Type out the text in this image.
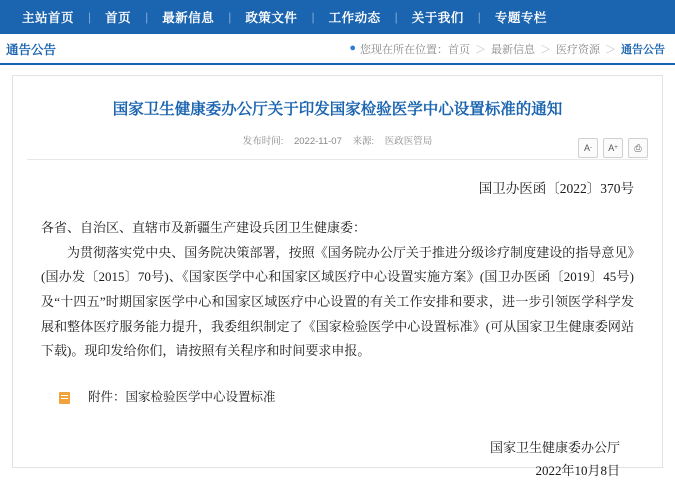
主站首页	|	首页	|	最新信息	|	政策文件	|	工作动态	|	关于我们	|	专题专栏
通告公告	● 您现在所在位置： 首页 ＞ 最新信息 ＞ 医疗资源 ＞ 通告公告
国家卫生健康委办公厅关于印发国家检验医学中心设置标准的通知
发布时间: 2022-11-07 来源: 医政医管局
A - A + ⎙
国卫办医函〔2022〕370号
各省、自治区、直辖市及新疆生产建设兵团卫生健康委：
为贯彻落实党中央、国务院决策部署，按照《国务院办公厅关于推进分级诊疗制度建设的指导意见》(国办发〔2015〕70号)、《国家医学中心和国家区域医疗中心设置实施方案》(国卫办医函〔2019〕45号)及“十四五”时期国家医学中心和国家区域医疗中心设置的有关工作安排和要求，进一步引领医学科学发展和整体医疗服务能力提升，我委组织制定了《国家检验医学中心设置标准》(可从国家卫生健康委网站下载)。现印发给你们，请按照有关程序和时间要求申报。
附件：国家检验医学中心设置标准
国家卫生健康委办公厅
2022年10月8日
